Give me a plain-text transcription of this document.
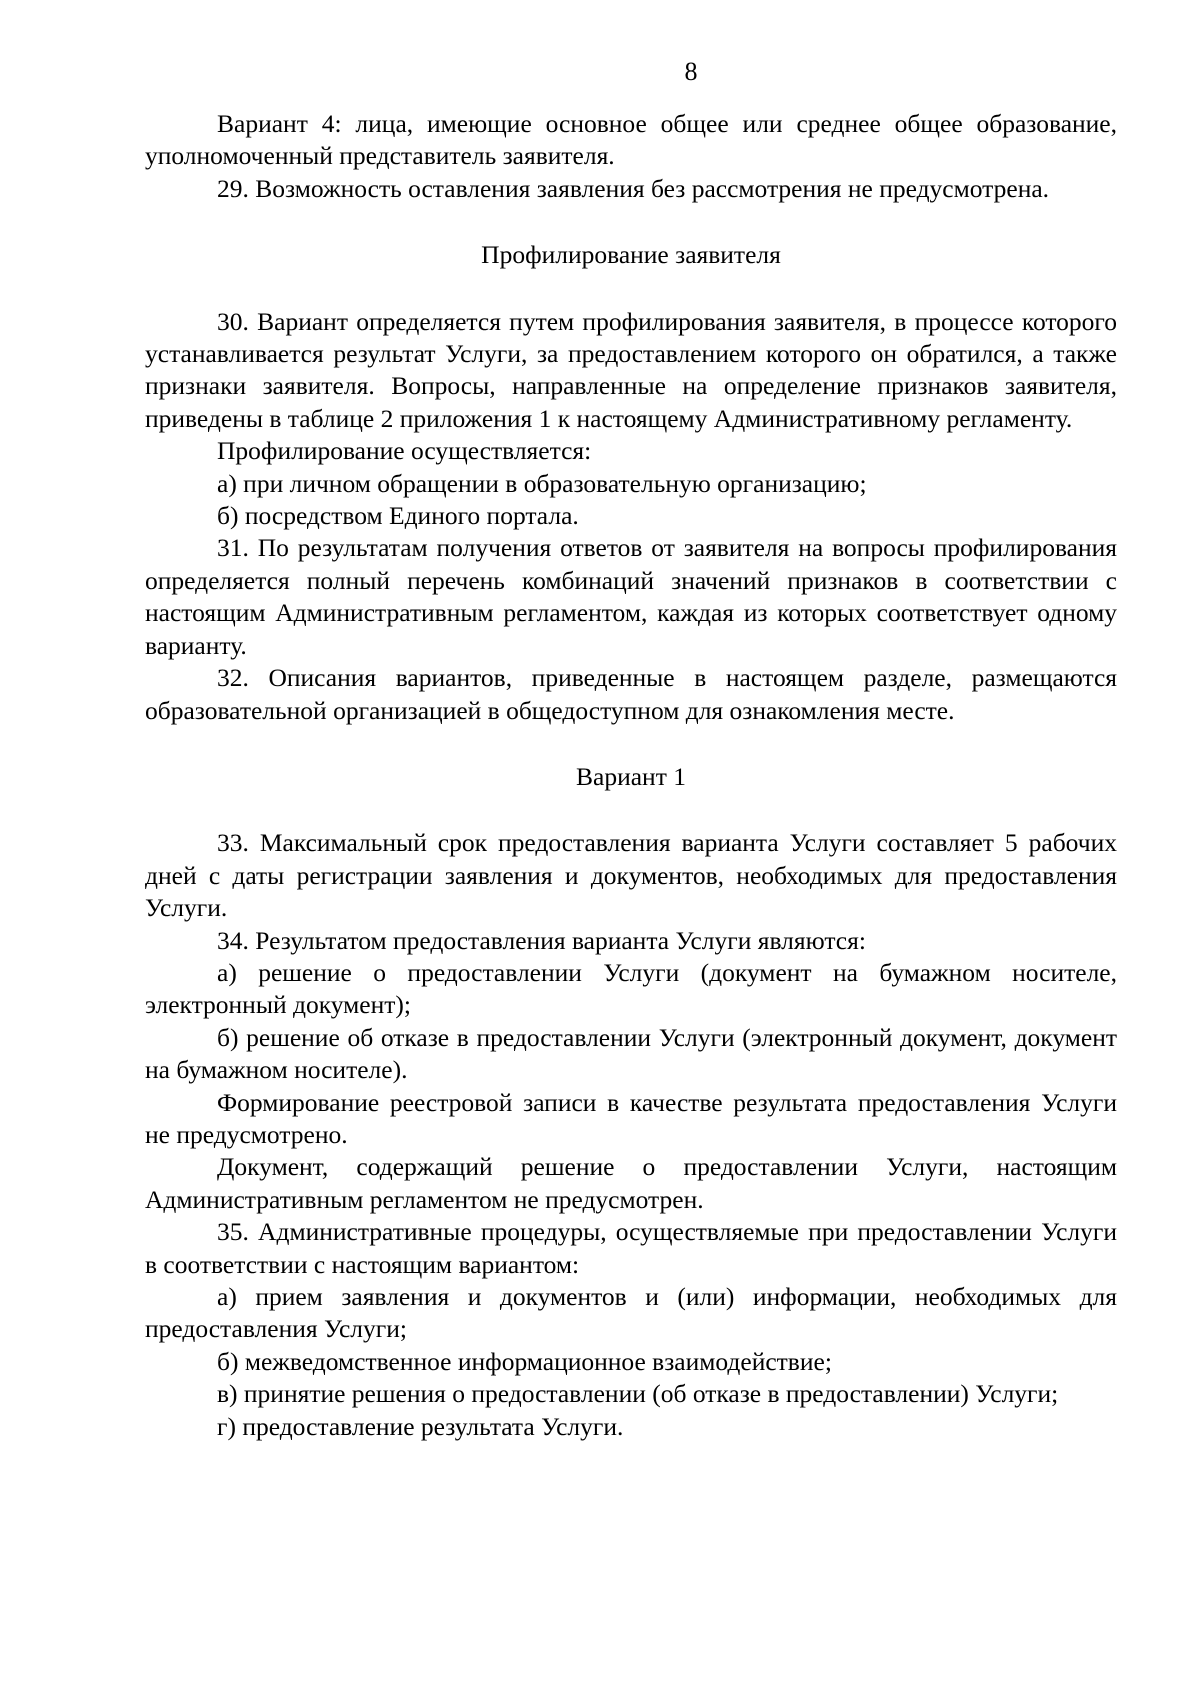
8

Вариант 4: лица, имеющие основное общее или среднее общее образование, уполномоченный представитель заявителя.

29. Возможность оставления заявления без рассмотрения не предусмотрена.

Профилирование заявителя

30. Вариант определяется путем профилирования заявителя, в процессе которого устанавливается результат Услуги, за предоставлением которого он обратился, а также признаки заявителя. Вопросы, направленные на определение признаков заявителя, приведены в таблице 2 приложения 1 к настоящему Административному регламенту.

Профилирование осуществляется:

а) при личном обращении в образовательную организацию;

б) посредством Единого портала.

31. По результатам получения ответов от заявителя на вопросы профилирования определяется полный перечень комбинаций значений признаков в соответствии с настоящим Административным регламентом, каждая из которых соответствует одному варианту.

32. Описания вариантов, приведенные в настоящем разделе, размещаются образовательной организацией в общедоступном для ознакомления месте.

Вариант 1

33. Максимальный срок предоставления варианта Услуги составляет 5 рабочих дней с даты регистрации заявления и документов, необходимых для предоставления Услуги.

34. Результатом предоставления варианта Услуги являются:

а) решение о предоставлении Услуги (документ на бумажном носителе, электронный документ);

б) решение об отказе в предоставлении Услуги (электронный документ, документ на бумажном носителе).

Формирование реестровой записи в качестве результата предоставления Услуги не предусмотрено.

Документ, содержащий решение о предоставлении Услуги, настоящим Административным регламентом не предусмотрен.

35. Административные процедуры, осуществляемые при предоставлении Услуги в соответствии с настоящим вариантом:

а) прием заявления и документов и (или) информации, необходимых для предоставления Услуги;

б) межведомственное информационное взаимодействие;

в) принятие решения о предоставлении (об отказе в предоставлении) Услуги;

г) предоставление результата Услуги.
